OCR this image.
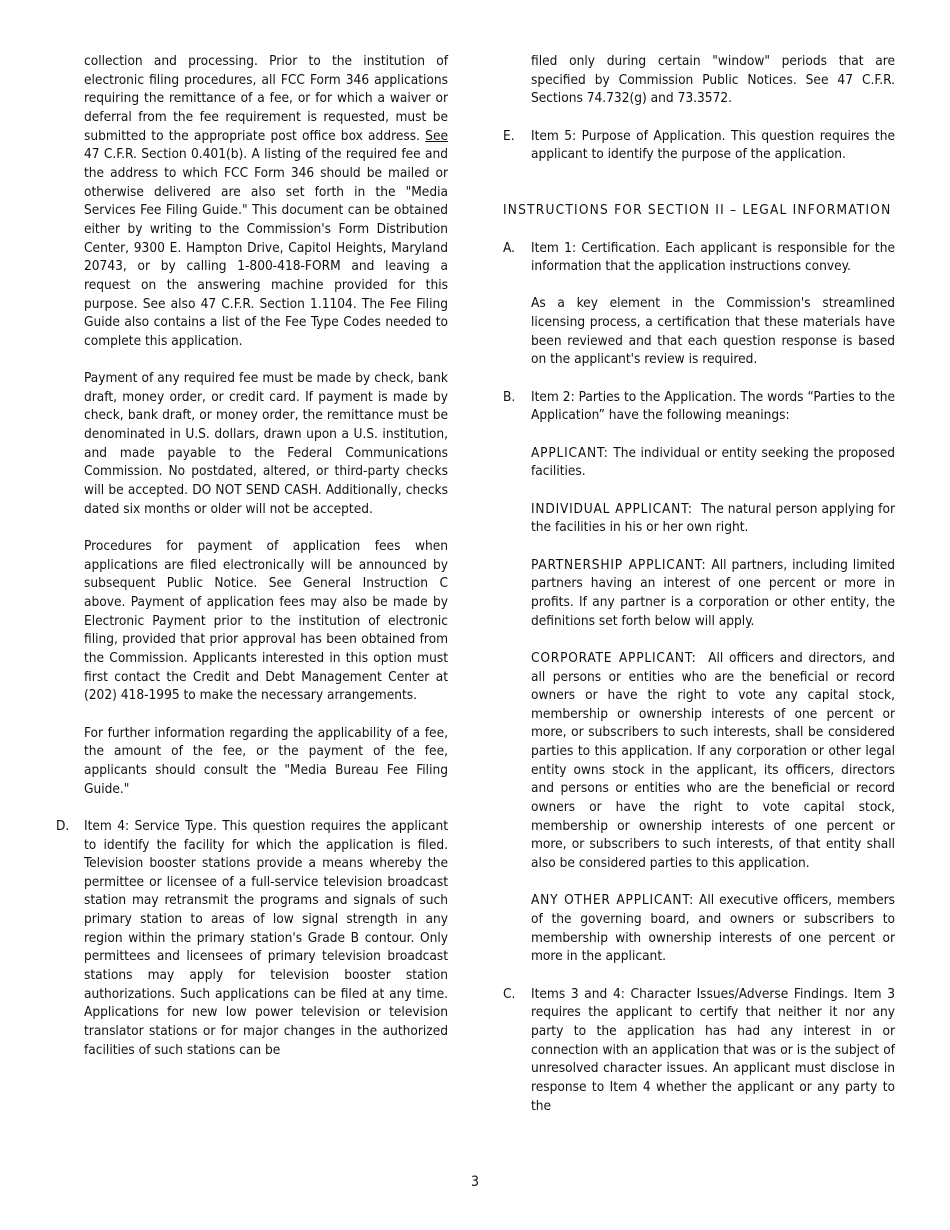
collection and processing. Prior to the institution of electronic filing procedures, all FCC Form 346 applications requiring the remittance of a fee, or for which a waiver or deferral from the fee requirement is requested, must be submitted to the appropriate post office box address. See 47 C.F.R. Section 0.401(b). A listing of the required fee and the address to which FCC Form 346 should be mailed or otherwise delivered are also set forth in the "Media Services Fee Filing Guide." This document can be obtained either by writing to the Commission's Form Distribution Center, 9300 E. Hampton Drive, Capitol Heights, Maryland 20743, or by calling 1-800-418-FORM and leaving a request on the answering machine provided for this purpose. See also 47 C.F.R. Section 1.1104. The Fee Filing Guide also contains a list of the Fee Type Codes needed to complete this application.

Payment of any required fee must be made by check, bank draft, money order, or credit card. If payment is made by check, bank draft, or money order, the remittance must be denominated in U.S. dollars, drawn upon a U.S. institution, and made payable to the Federal Communications Commission. No postdated, altered, or third-party checks will be accepted. DO NOT SEND CASH. Additionally, checks dated six months or older will not be accepted.

Procedures for payment of application fees when applications are filed electronically will be announced by subsequent Public Notice. See General Instruction C above. Payment of application fees may also be made by Electronic Payment prior to the institution of electronic filing, provided that prior approval has been obtained from the Commission. Applicants interested in this option must first contact the Credit and Debt Management Center at (202) 418-1995 to make the necessary arrangements.

For further information regarding the applicability of a fee, the amount of the fee, or the payment of the fee, applicants should consult the "Media Bureau Fee Filing Guide."

D.	Item 4: Service Type. This question requires the applicant to identify the facility for which the application is filed. Television booster stations provide a means whereby the permittee or licensee of a full-service television broadcast station may retransmit the programs and signals of such primary station to areas of low signal strength in any region within the primary station's Grade B contour. Only permittees and licensees of primary television broadcast stations may apply for television booster station authorizations. Such applications can be filed at any time. Applications for new low power television or television translator stations or for major changes in the authorized facilities of such stations can be

filed only during certain "window" periods that are specified by Commission Public Notices. See 47 C.F.R. Sections 74.732(g) and 73.3572.

E.	Item 5: Purpose of Application. This question requires the applicant to identify the purpose of the application.

INSTRUCTIONS FOR SECTION II – LEGAL INFORMATION

A.	Item 1: Certification. Each applicant is responsible for the information that the application instructions convey.

As a key element in the Commission's streamlined licensing process, a certification that these materials have been reviewed and that each question response is based on the applicant's review is required.

B.	Item 2: Parties to the Application. The words “Parties to the Application” have the following meanings:

APPLICANT: The individual or entity seeking the proposed facilities.

INDIVIDUAL APPLICANT: The natural person applying for the facilities in his or her own right.

PARTNERSHIP APPLICANT: All partners, including limited partners having an interest of one percent or more in profits. If any partner is a corporation or other entity, the definitions set forth below will apply.

CORPORATE APPLICANT: All officers and directors, and all persons or entities who are the beneficial or record owners or have the right to vote any capital stock, membership or ownership interests of one percent or more, or subscribers to such interests, shall be considered parties to this application. If any corporation or other legal entity owns stock in the applicant, its officers, directors and persons or entities who are the beneficial or record owners or have the right to vote capital stock, membership or ownership interests of one percent or more, or subscribers to such interests, of that entity shall also be considered parties to this application.

ANY OTHER APPLICANT: All executive officers, members of the governing board, and owners or subscribers to membership with ownership interests of one percent or more in the applicant.

C.	Items 3 and 4: Character Issues/Adverse Findings. Item 3 requires the applicant to certify that neither it nor any party to the application has had any interest in or connection with an application that was or is the subject of unresolved character issues. An applicant must disclose in response to Item 4 whether the applicant or any party to the
3
